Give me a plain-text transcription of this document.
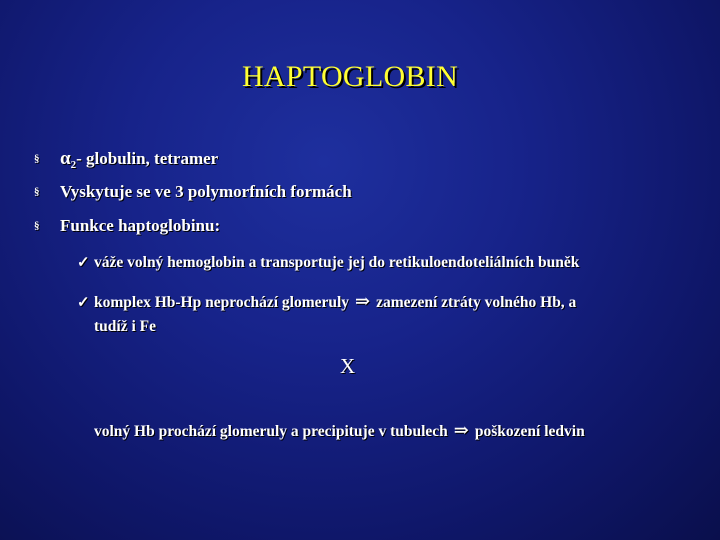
HAPTOGLOBIN
§ $\alpha_2-$ globulin, tetramer
§ Vyskytuje se ve 3 polymorfních formách
§ Funkce haptoglobinu:
✓ váže volný hemoglobin a transportuje jej do retikuloendoteliálních buněk
✓ komplex Hb-Hp neprochází glomeruly ⇒ zamezení ztráty volného Hb, a
tudíž i Fe
X
volný Hb prochází glomeruly a precipituje v tubulech ⇒ poškození ledvin
